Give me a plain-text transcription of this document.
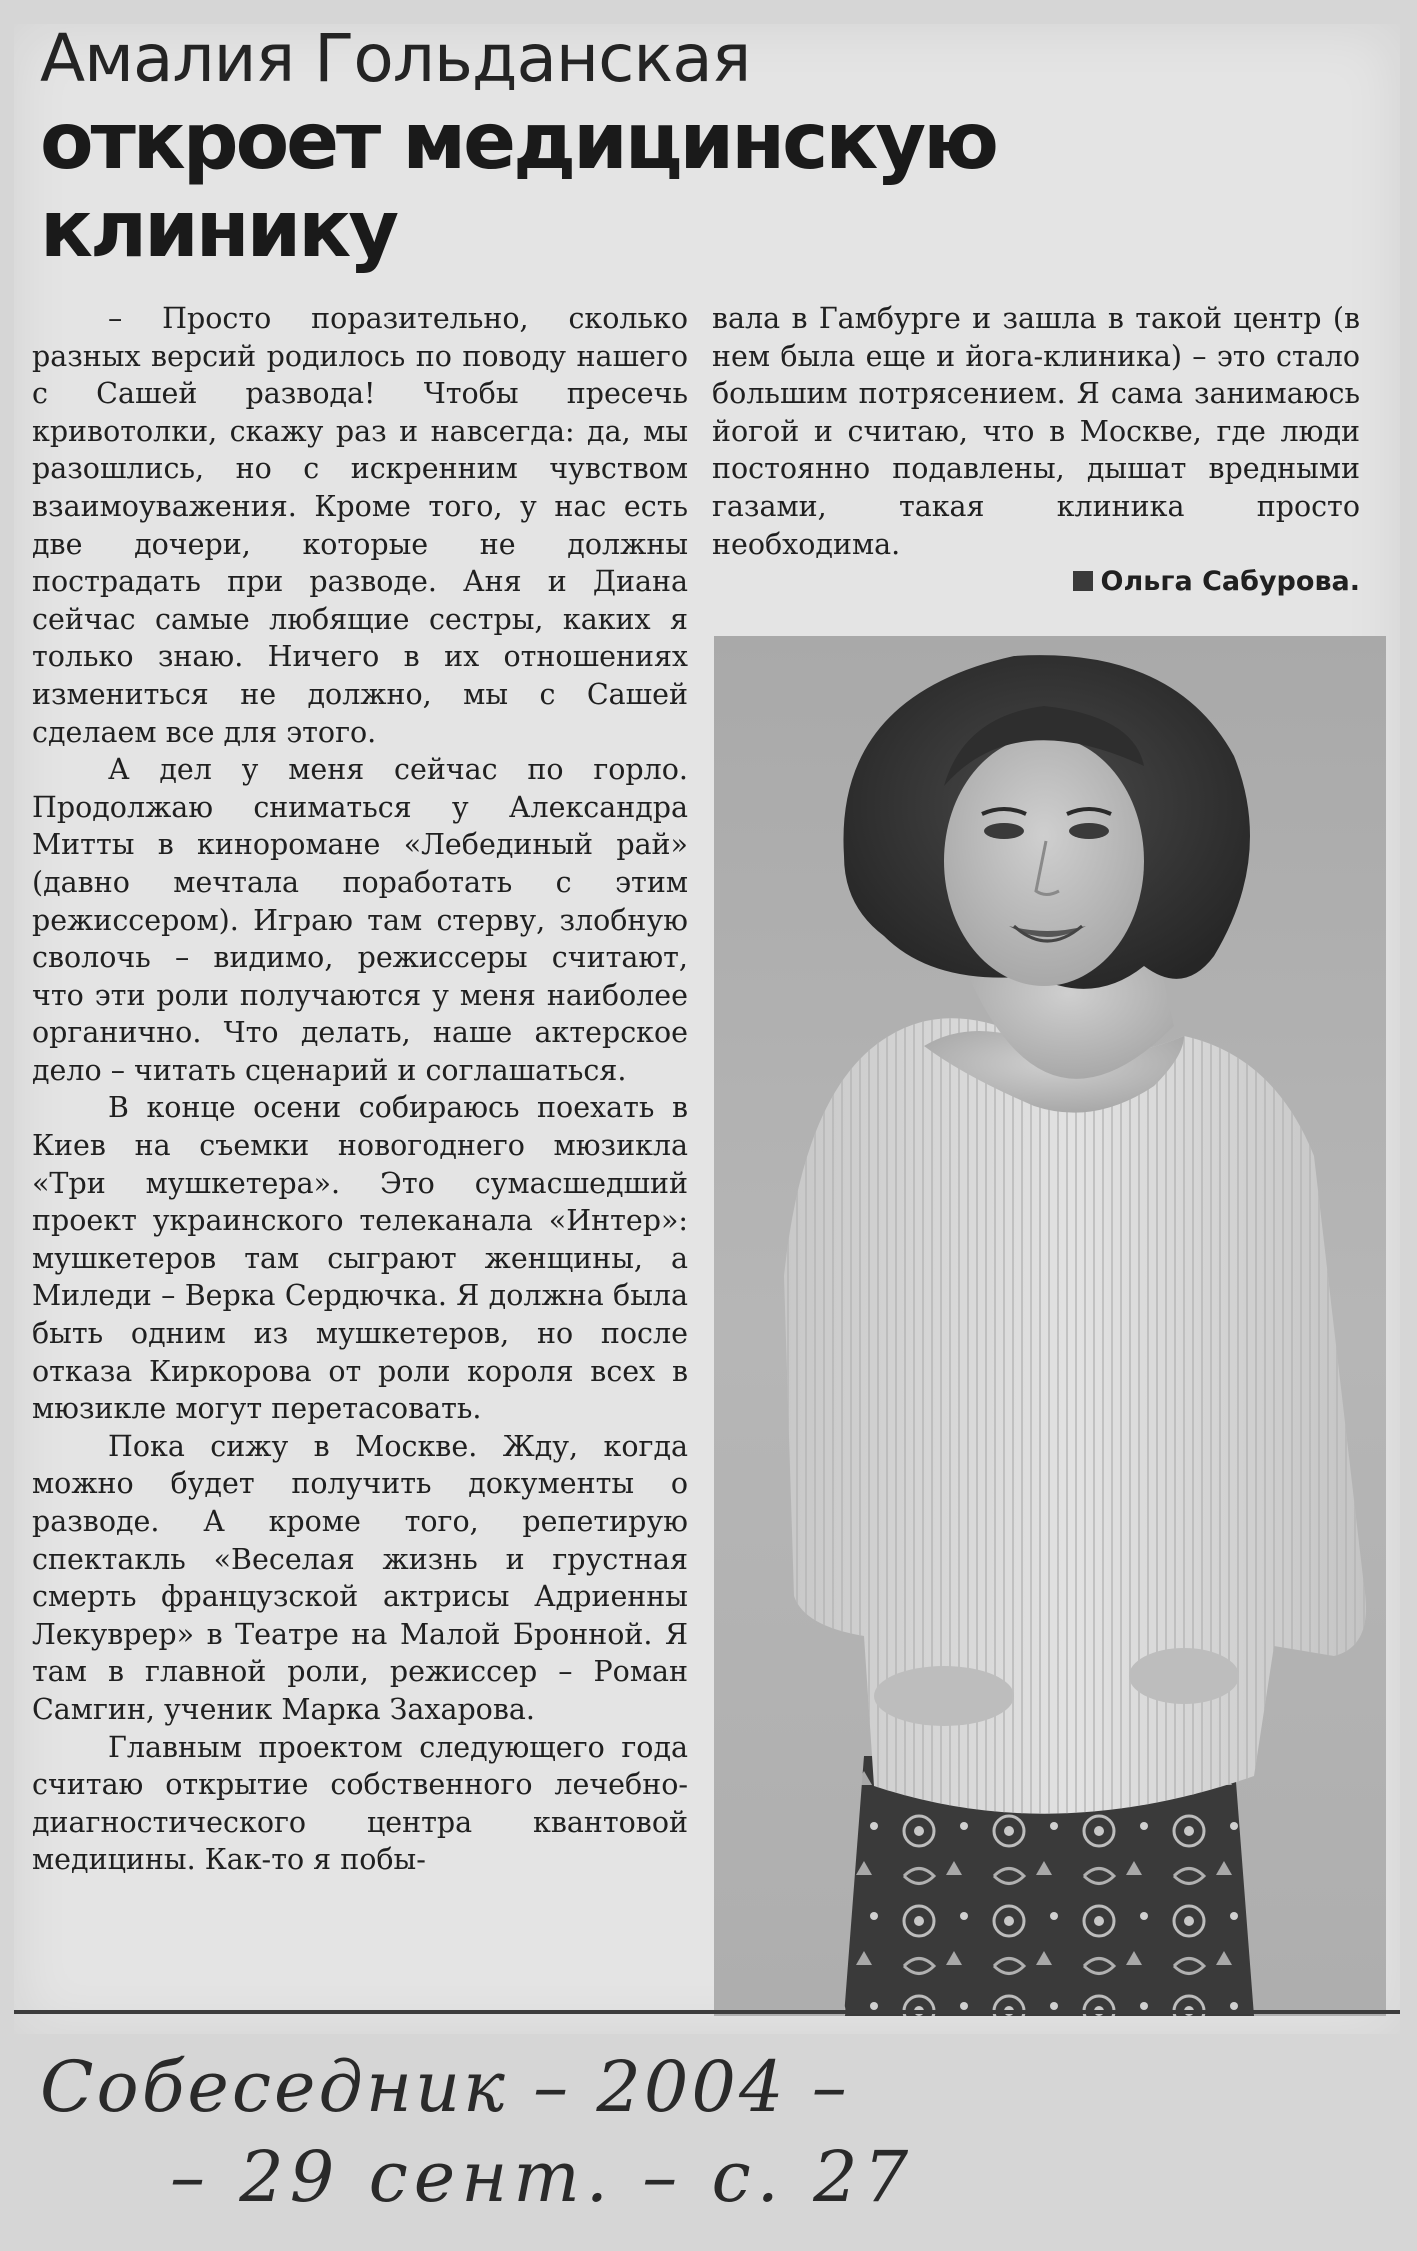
Амалия Гольданская
откроет медицинскую
клинику

– Просто поразительно, сколько разных версий родилось по поводу нашего с Сашей развода! Чтобы пресечь кривотолки, скажу раз и навсегда: да, мы разошлись, но с искренним чувством взаимоуважения. Кроме того, у нас есть две дочери, которые не должны пострадать при разводе. Аня и Диана сейчас самые любящие сестры, каких я только знаю. Ничего в их отношениях измениться не должно, мы с Сашей сделаем все для этого.

А дел у меня сейчас по горло. Продолжаю сниматься у Александра Митты в киноромане «Лебединый рай» (давно мечтала поработать с этим режиссером). Играю там стерву, злобную сволочь – видимо, режиссеры считают, что эти роли получаются у меня наиболее органично. Что делать, наше актерское дело – читать сценарий и соглашаться.

В конце осени собираюсь поехать в Киев на съемки новогоднего мюзикла «Три мушкетера». Это сумасшедший проект украинского телеканала «Интер»: мушкетеров там сыграют женщины, а Миледи – Верка Сердючка. Я должна была быть одним из мушкетеров, но после отказа Киркорова от роли короля всех в мюзикле могут перетасовать.

Пока сижу в Москве. Жду, когда можно будет получить документы о разводе. А кроме того, репетирую спектакль «Веселая жизнь и грустная смерть французской актрисы Адриенны Лекуврер» в Театре на Малой Бронной. Я там в главной роли, режиссер – Роман Самгин, ученик Марка Захарова.

Главным проектом следующего года считаю открытие собственного лечебно-диагностического центра квантовой медицины. Как-то я побы-

вала в Гамбурге и зашла в такой центр (в нем была еще и йога-клиника) – это стало большим потрясением. Я сама занимаюсь йогой и считаю, что в Москве, где люди постоянно подавлены, дышат вредными газами, такая клиника просто необходима.

Ольга Сабурова.

Собеседник – 2004 –
– 29 сент. – с. 27
